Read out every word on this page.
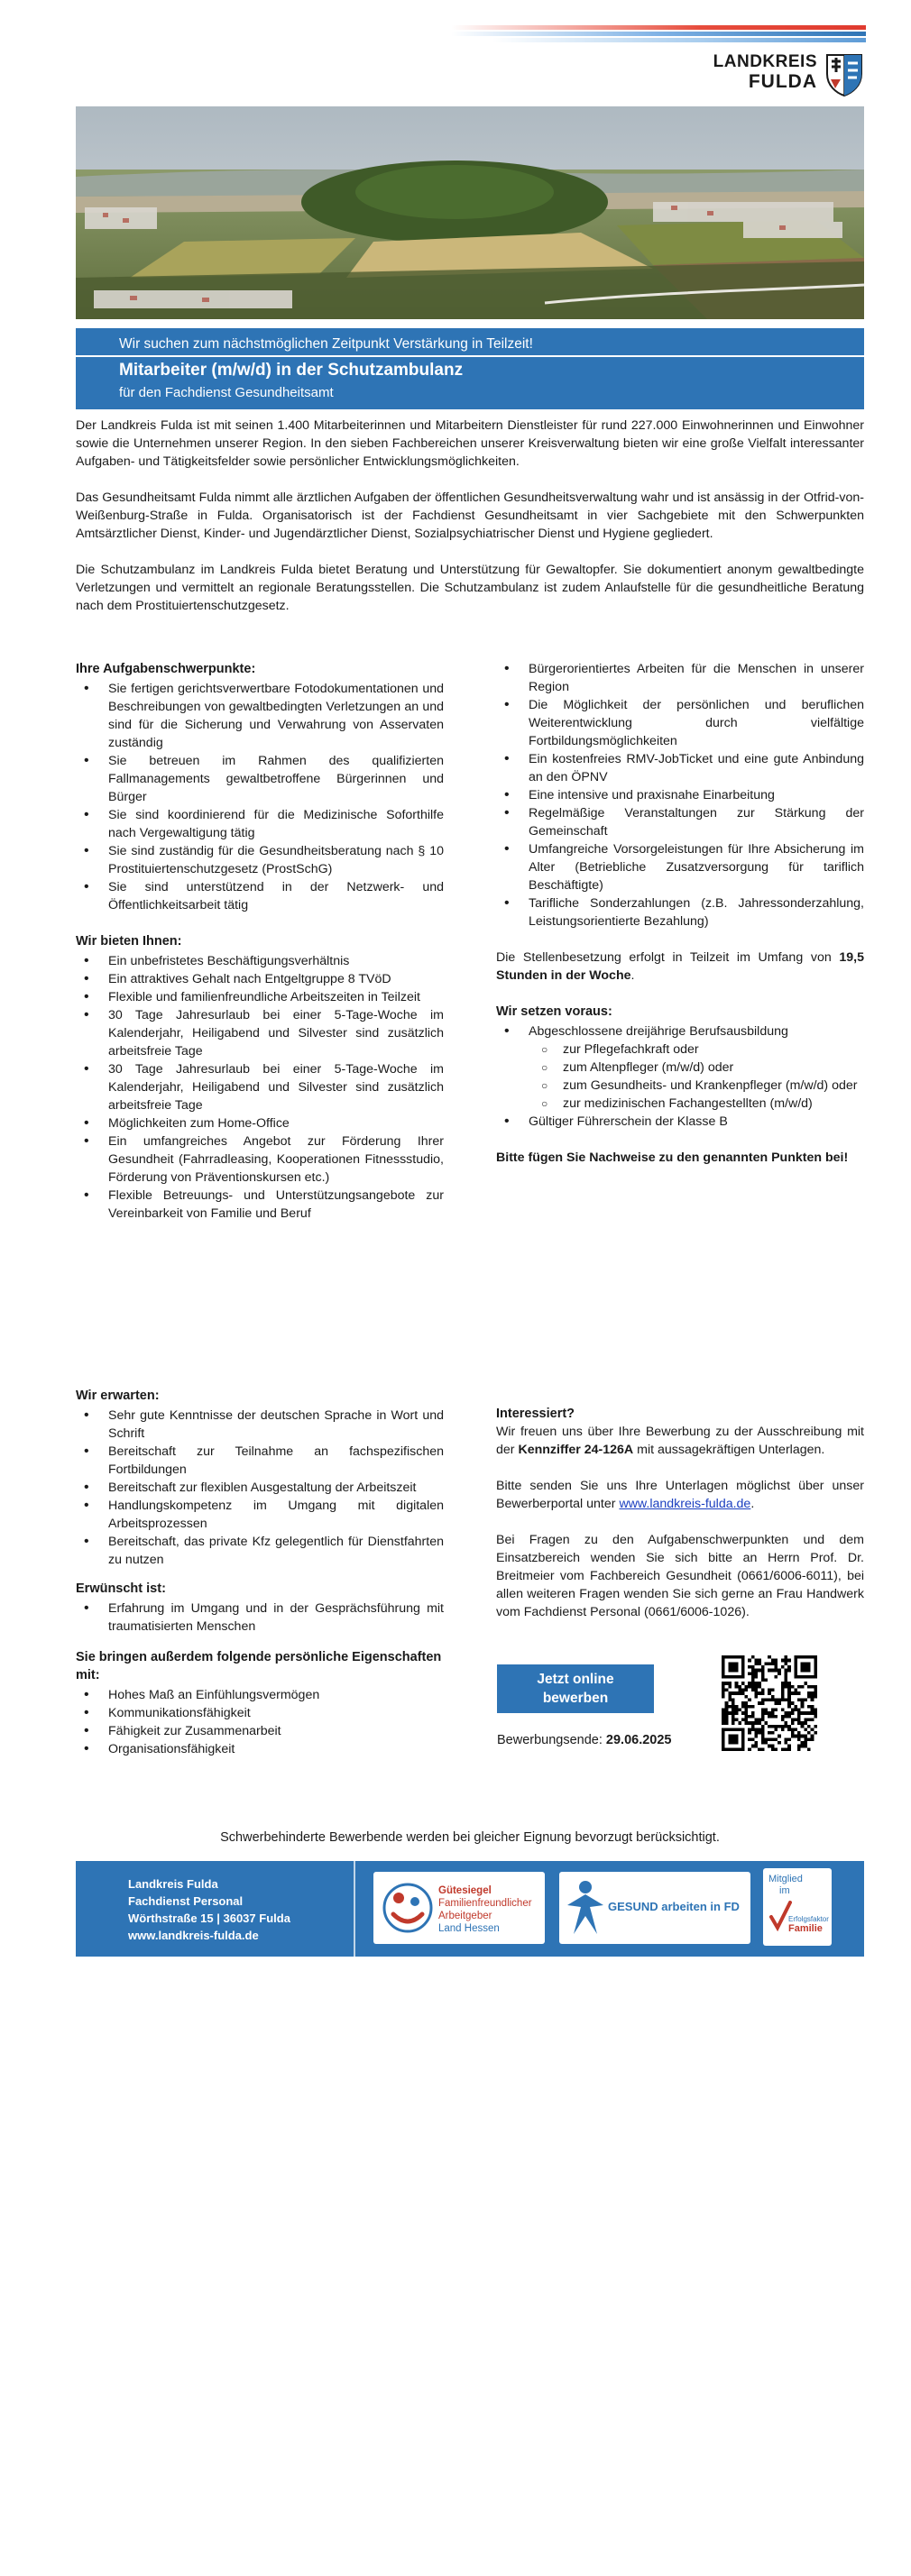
LANDKREIS
FULDA
Wir suchen zum nächstmöglichen Zeitpunkt Verstärkung in Teilzeit!
Mitarbeiter (m/w/d) in der Schutzambulanz
für den Fachdienst Gesundheitsamt

Der Landkreis Fulda ist mit seinen 1.400 Mitarbeiterinnen und Mitarbeitern Dienstleister für rund 227.000 Einwohnerinnen und Einwohner sowie die Unternehmen unserer Region. In den sieben Fachbereichen unserer Kreisverwaltung bieten wir eine große Vielfalt interessanter Aufgaben- und Tätigkeitsfelder sowie persönlicher Entwicklungsmöglichkeiten.

Das Gesundheitsamt Fulda nimmt alle ärztlichen Aufgaben der öffentlichen Gesundheitsverwaltung wahr und ist ansässig in der Otfrid-von-Weißenburg-Straße in Fulda. Organisatorisch ist der Fachdienst Gesundheitsamt in vier Sachgebiete mit den Schwerpunkten Amtsärztlicher Dienst, Kinder- und Jugendärztlicher Dienst, Sozialpsychiatrischer Dienst und Hygiene gegliedert.

Die Schutzambulanz im Landkreis Fulda bietet Beratung und Unterstützung für Gewaltopfer. Sie dokumentiert anonym gewaltbedingte Verletzungen und vermittelt an regionale Beratungsstellen. Die Schutzambulanz ist zudem Anlaufstelle für die gesundheitliche Beratung nach dem Prostituiertenschutzgesetz.

Ihre Aufgabenschwerpunkte:
• Sie fertigen gerichtsverwertbare Fotodokumentationen und Beschreibungen von gewaltbedingten Verletzungen an und sind für die Sicherung und Verwahrung von Asservaten zuständig
• Sie betreuen im Rahmen des qualifizierten Fallmanagements gewaltbetroffene Bürgerinnen und Bürger
• Sie sind koordinierend für die Medizinische Soforthilfe nach Vergewaltigung tätig
• Sie sind zuständig für die Gesundheitsberatung nach § 10 Prostituiertenschutzgesetz (ProstSchG)
• Sie sind unterstützend in der Netzwerk- und Öffentlichkeitsarbeit tätig
Wir bieten Ihnen:
• Ein unbefristetes Beschäftigungsverhältnis
• Ein attraktives Gehalt nach Entgeltgruppe 8 TVöD
• Flexible und familienfreundliche Arbeitszeiten in Teilzeit
• 30 Tage Jahresurlaub bei einer 5-Tage-Woche im Kalenderjahr, Heiligabend und Silvester sind zusätzlich arbeitsfreie Tage
• 30 Tage Jahresurlaub bei einer 5-Tage-Woche im Kalenderjahr, Heiligabend und Silvester sind zusätzlich arbeitsfreie Tage
• Möglichkeiten zum Home-Office
• Ein umfangreiches Angebot zur Förderung Ihrer Gesundheit (Fahrradleasing, Kooperationen Fitnessstudio, Förderung von Präventionskursen etc.)
• Flexible Betreuungs- und Unterstützungsangebote zur Vereinbarkeit von Familie und Beruf
• Bürgerorientiertes Arbeiten für die Menschen in unserer Region
• Die Möglichkeit der persönlichen und beruflichen Weiterentwicklung durch vielfältige Fortbildungsmöglichkeiten
• Ein kostenfreies RMV-JobTicket und eine gute Anbindung an den ÖPNV
• Eine intensive und praxisnahe Einarbeitung
• Regelmäßige Veranstaltungen zur Stärkung der Gemeinschaft
• Umfangreiche Vorsorgeleistungen für Ihre Absicherung im Alter (Betriebliche Zusatzversorgung für tariflich Beschäftigte)
• Tarifliche Sonderzahlungen (z.B. Jahressonderzahlung, Leistungsorientierte Bezahlung)

Die Stellenbesetzung erfolgt in Teilzeit im Umfang von 19,5 Stunden in der Woche.

Wir setzen voraus:
• Abgeschlossene dreijährige Berufsausbildung
○ zur Pflegefachkraft oder
○ zum Altenpfleger (m/w/d) oder
○ zum Gesundheits- und Krankenpfleger (m/w/d) oder
○ zur medizinischen Fachangestellten (m/w/d)
• Gültiger Führerschein der Klasse B

Bitte fügen Sie Nachweise zu den genannten Punkten bei!

Wir erwarten:
• Sehr gute Kenntnisse der deutschen Sprache in Wort und Schrift
• Bereitschaft zur Teilnahme an fachspezifischen Fortbildungen
• Bereitschaft zur flexiblen Ausgestaltung der Arbeitszeit
• Handlungskompetenz im Umgang mit digitalen Arbeitsprozessen
• Bereitschaft, das private Kfz gelegentlich für Dienstfahrten zu nutzen
Erwünscht ist:
• Erfahrung im Umgang und in der Gesprächsführung mit traumatisierten Menschen
Sie bringen außerdem folgende persönliche Eigenschaften mit:
• Hohes Maß an Einfühlungsvermögen
• Kommunikationsfähigkeit
• Fähigkeit zur Zusammenarbeit
• Organisationsfähigkeit
Interessiert?

Wir freuen uns über Ihre Bewerbung zu der Ausschreibung mit der Kennziffer 24-126A mit aussagekräftigen Unterlagen.

Bitte senden Sie uns Ihre Unterlagen möglichst über unser Bewerberportal unter www.landkreis-fulda.de.

Bei Fragen zu den Aufgabenschwerpunkten und dem Einsatzbereich wenden Sie sich bitte an Herrn Prof. Dr. Breitmeier vom Fachbereich Gesundheit (0661/6006-6011), bei allen weiteren Fragen wenden Sie sich gerne an Frau Handwerk vom Fachdienst Personal (0661/6006-1026).

Jetzt online bewerben
Bewerbungsende: 29.06.2025
Schwerbehinderte Bewerbende werden bei gleicher Eignung bevorzugt berücksichtigt.
Landkreis Fulda
Fachdienst Personal
Wörthstraße 15 | 36037 Fulda
www.landkreis-fulda.de
Gütesiegel
Familienfreundlicher
Arbeitgeber
Land Hessen
GESUND arbeiten in FD
Mitglied
im
Erfolgsfaktor
Familie
